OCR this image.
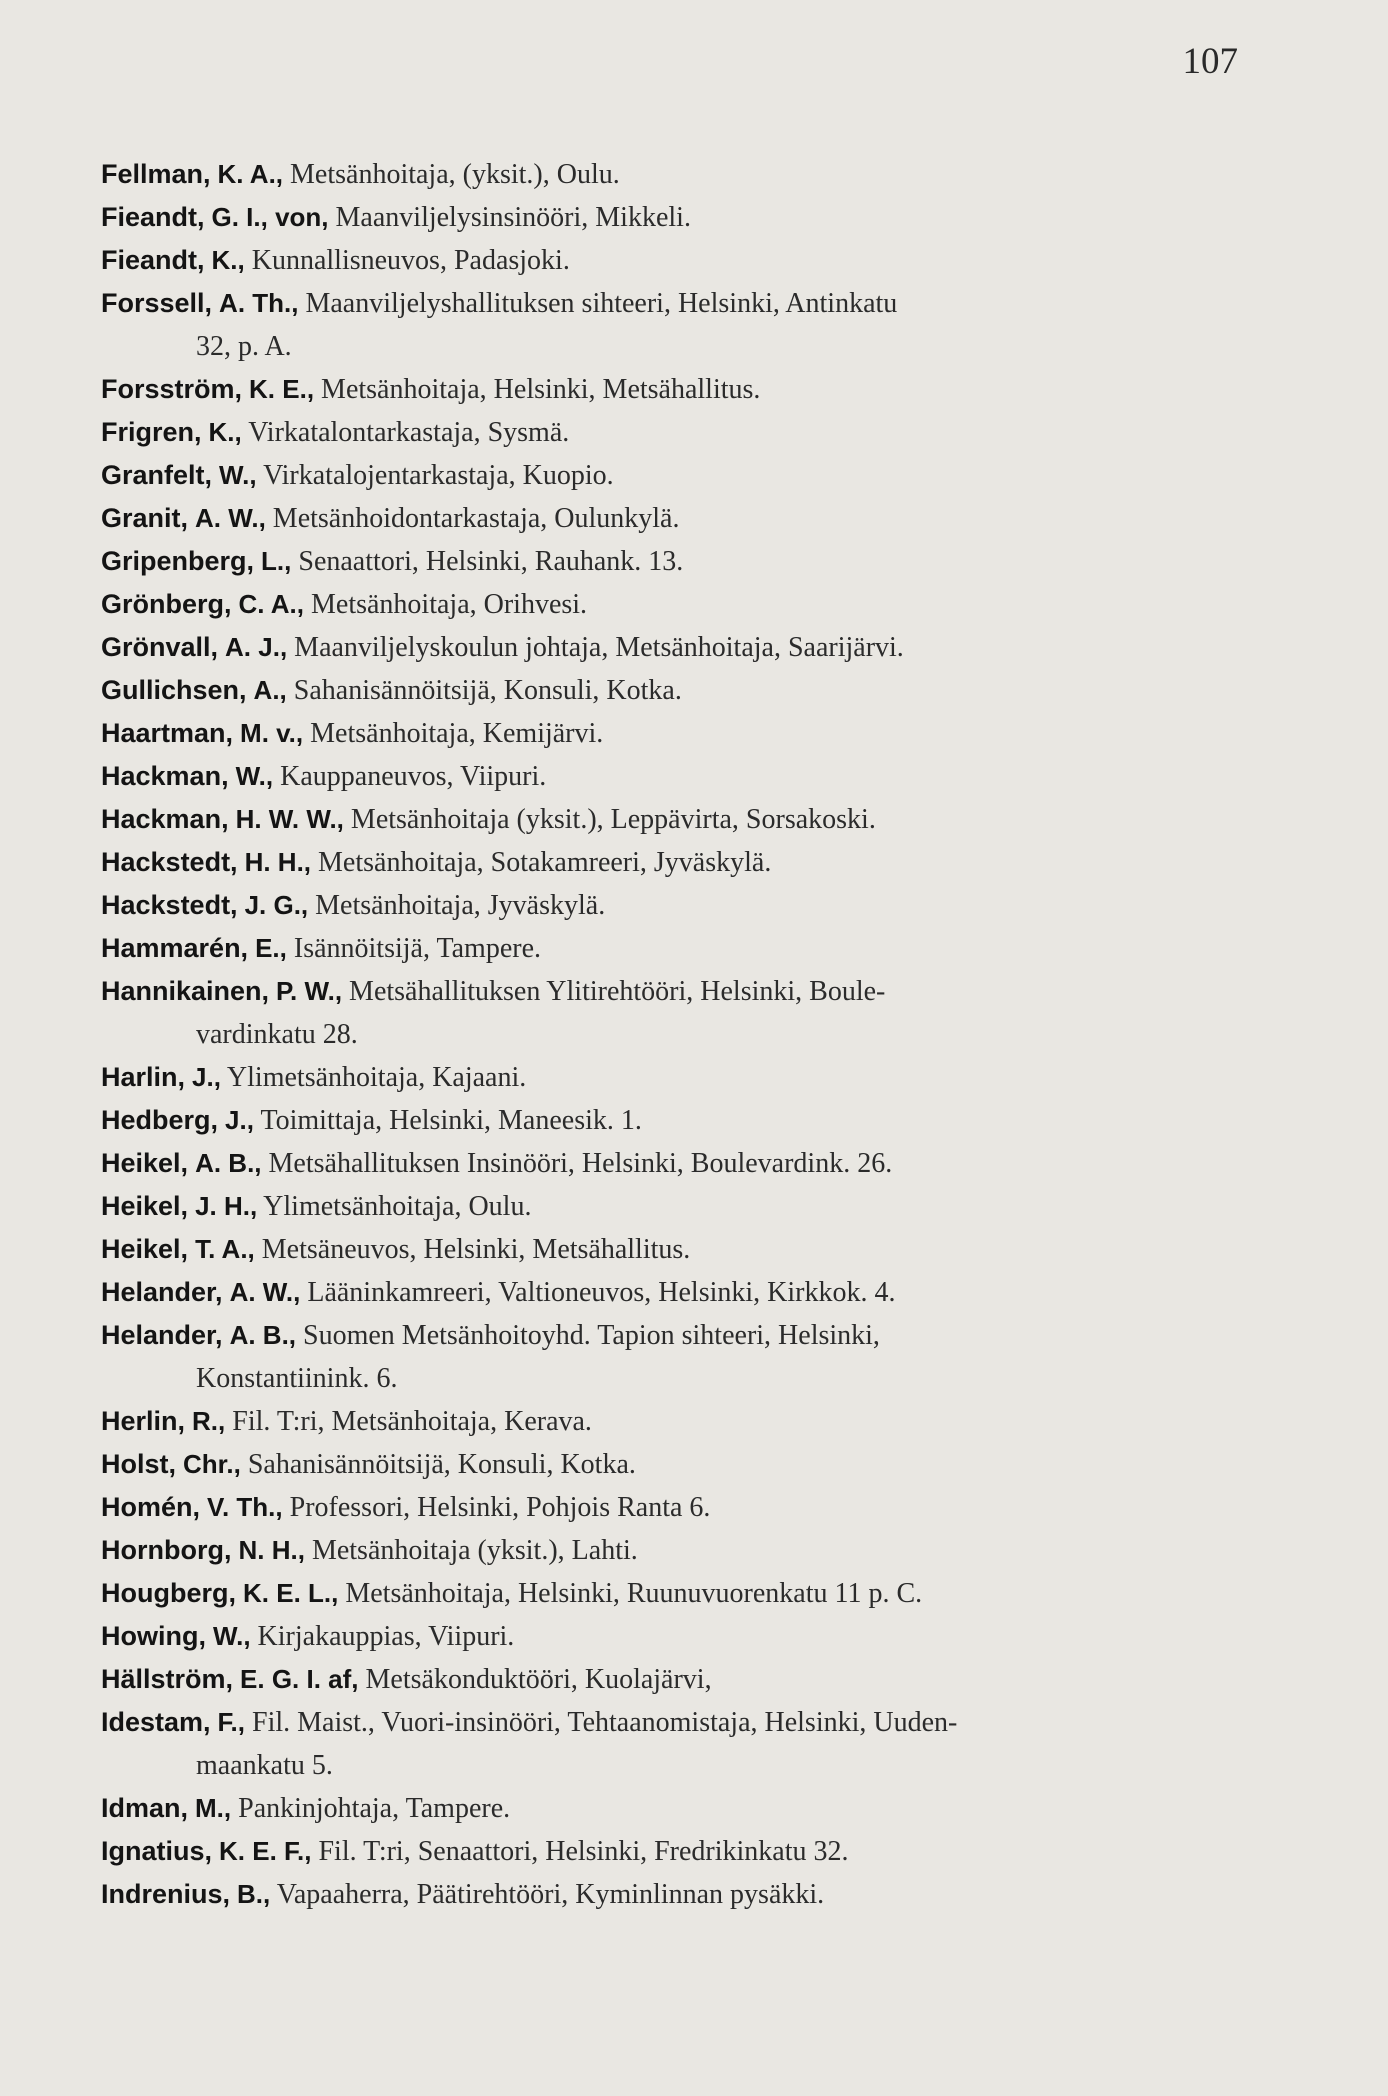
107
Fellman, K. A., Metsänhoitaja, (yksit.), Oulu.
Fieandt, G. I., von, Maanviljelysinsinööri, Mikkeli.
Fieandt, K., Kunnallisneuvos, Padasjoki.
Forssell, A. Th., Maanviljelyshallituksen sihteeri, Helsinki, Antinkatu
32, p. A.
Forsström, K. E., Metsänhoitaja, Helsinki, Metsähallitus.
Frigren, K., Virkatalontarkastaja, Sysmä.
Granfelt, W., Virkatalojentarkastaja, Kuopio.
Granit, A. W., Metsänhoidontarkastaja, Oulunkylä.
Gripenberg, L., Senaattori, Helsinki, Rauhank. 13.
Grönberg, C. A., Metsänhoitaja, Orihvesi.
Grönvall, A. J., Maanviljelyskoulun johtaja, Metsänhoitaja, Saarijärvi.
Gullichsen, A., Sahanisännöitsijä, Konsuli, Kotka.
Haartman, M. v., Metsänhoitaja, Kemijärvi.
Hackman, W., Kauppaneuvos, Viipuri.
Hackman, H. W. W., Metsänhoitaja (yksit.), Leppävirta, Sorsakoski.
Hackstedt, H. H., Metsänhoitaja, Sotakamreeri, Jyväskylä.
Hackstedt, J. G., Metsänhoitaja, Jyväskylä.
Hammarén, E., Isännöitsijä, Tampere.
Hannikainen, P. W., Metsähallituksen Ylitirehtööri, Helsinki, Boule-
vardinkatu 28.
Harlin, J., Ylimetsänhoitaja, Kajaani.
Hedberg, J., Toimittaja, Helsinki, Maneesik. 1.
Heikel, A. B., Metsähallituksen Insinööri, Helsinki, Boulevardink. 26.
Heikel, J. H., Ylimetsänhoitaja, Oulu.
Heikel, T. A., Metsäneuvos, Helsinki, Metsähallitus.
Helander, A. W., Lääninkamreeri, Valtioneuvos, Helsinki, Kirkkok. 4.
Helander, A. B., Suomen Metsänhoitoyhd. Tapion sihteeri, Helsinki,
Konstantiinink. 6.
Herlin, R., Fil. T:ri, Metsänhoitaja, Kerava.
Holst, Chr., Sahanisännöitsijä, Konsuli, Kotka.
Homén, V. Th., Professori, Helsinki, Pohjois Ranta 6.
Hornborg, N. H., Metsänhoitaja (yksit.), Lahti.
Hougberg, K. E. L., Metsänhoitaja, Helsinki, Ruunuvuorenkatu 11 p. C.
Howing, W., Kirjakauppias, Viipuri.
Hällström, E. G. I. af, Metsäkonduktööri, Kuolajärvi,
Idestam, F., Fil. Maist., Vuori-insinööri, Tehtaanomistaja, Helsinki, Uuden-
maankatu 5.
Idman, M., Pankinjohtaja, Tampere.
Ignatius, K. E. F., Fil. T:ri, Senaattori, Helsinki, Fredrikinkatu 32.
Indrenius, B., Vapaaherra, Päätirehtööri, Kyminlinnan pysäkki.
